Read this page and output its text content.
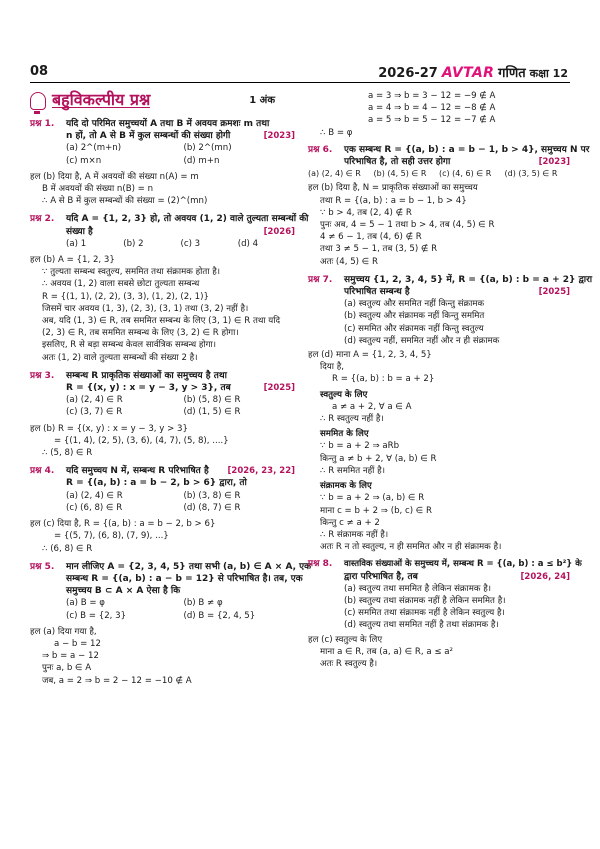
08	2026-27 AVTAR गणित कक्षा 12
बहुविकल्पीय प्रश्न	1 अंक
प्रश्न 1. यदि दो परिमित समुच्चयों A तथा B में अवयव क्रमशः m तथा
n हों, तो A से B में कुल सम्बन्धों की संख्या होगी	[2023]
(a) 2^(m+n)	(b) 2^(mn)
(c) m×n	(d) m+n
हल (b) दिया है, A में अवयवों की संख्या n(A) = m
B में अवयवों की संख्या n(B) = n
∴ A से B में कुल सम्बन्धों की संख्या = (2)^(mn)
प्रश्न 2. यदि A = {1, 2, 3} हो, तो अवयव (1, 2) वाले तुल्यता सम्बन्धों की
संख्या है	[2026]
(a) 1	(b) 2	(c) 3	(d) 4
हल (b) A = {1, 2, 3}
∵ तुल्यता सम्बन्ध स्वतुल्य, सममित तथा संक्रामक होता है।
∴ अवयव (1, 2) वाला सबसे छोटा तुल्यता सम्बन्ध
R = {(1, 1), (2, 2), (3, 3), (1, 2), (2, 1)}
जिसमें चार अवयव (1, 3), (2, 3), (3, 1) तथा (3, 2) नहीं है।
अब, यदि (1, 3) ∈ R, तब सममित सम्बन्ध के लिए (3, 1) ∈ R तथा यदि
(2, 3) ∈ R, तब सममित सम्बन्ध के लिए (3, 2) ∈ R होगा।
इसलिए, R से बड़ा सम्बन्ध केवल सार्वत्रिक सम्बन्ध होगा।
अतः (1, 2) वाले तुल्यता सम्बन्धों की संख्या 2 है।
प्रश्न 3. सम्बन्ध R प्राकृतिक संख्याओं का समुच्चय है तथा
R = {(x, y) : x = y − 3, y > 3}, तब	[2025]
(a) (2, 4) ∈ R	(b) (5, 8) ∈ R
(c) (3, 7) ∈ R	(d) (1, 5) ∈ R
हल (b) R = {(x, y) : x = y − 3, y > 3}
= {(1, 4), (2, 5), (3, 6), (4, 7), (5, 8), ....}
∴ (5, 8) ∈ R
प्रश्न 4. यदि समुच्चय N में, सम्बन्ध R परिभाषित है [2026, 23, 22]
R = {(a, b) : a = b − 2, b > 6} द्वारा, तो
(a) (2, 4) ∈ R	(b) (3, 8) ∈ R
(c) (6, 8) ∈ R	(d) (8, 7) ∈ R
हल (c) दिया है, R = {(a, b) : a = b − 2, b > 6}
= {(5, 7), (6, 8), (7, 9), ...}
∴ (6, 8) ∈ R
प्रश्न 5. मान लीजिए A = {2, 3, 4, 5} तथा सभी (a, b) ∈ A × A, एक
सम्बन्ध R = {(a, b) : a − b = 12} से परिभाषित है। तब, एक
समुच्चय B ⊂ A × A ऐसा है कि
(a) B = φ	(b) B ≠ φ
(c) B = {2, 3}	(d) B = {2, 4, 5}
हल (a) दिया गया है,
a − b = 12
⇒ b = a − 12
पुनः a, b ∈ A
जब, a = 2 ⇒ b = 2 − 12 = −10 ∉ A
a = 3 ⇒ b = 3 − 12 = −9 ∉ A
a = 4 ⇒ b = 4 − 12 = −8 ∉ A
a = 5 ⇒ b = 5 − 12 = −7 ∉ A
∴ B = φ
प्रश्न 6. एक सम्बन्ध R = {(a, b) : a = b − 1, b > 4}, समुच्चय N पर
परिभाषित है, तो सही उत्तर होगा	[2023]
(a) (2, 4) ∈ R	(b) (4, 5) ∈ R	(c) (4, 6) ∈ R	(d) (3, 5) ∈ R
हल (b) दिया है, N = प्राकृतिक संख्याओं का समुच्चय
तथा R = {(a, b) : a = b − 1, b > 4}
∵ b > 4, तब (2, 4) ∉ R
पुनः अब, 4 = 5 − 1 तथा b > 4, तब (4, 5) ∈ R
4 ≠ 6 − 1, तब (4, 6) ∉ R
तथा 3 ≠ 5 − 1, तब (3, 5) ∉ R
अतः (4, 5) ∈ R
प्रश्न 7. समुच्चय {1, 2, 3, 4, 5} में, R = {(a, b) : b = a + 2} द्वारा
परिभाषित सम्बन्ध है	[2025]
(a) स्वतुल्य और सममित नहीं किन्तु संक्रामक
(b) स्वतुल्य और संक्रामक नहीं किन्तु सममित
(c) सममित और संक्रामक नहीं किन्तु स्वतुल्य
(d) स्वतुल्य नहीं, सममित नहीं और न ही संक्रामक
हल (d) माना A = {1, 2, 3, 4, 5}
दिया है,
R = {(a, b) : b = a + 2}
स्वतुल्य के लिए
a ≠ a + 2, ∀ a ∈ A
∴ R स्वतुल्य नहीं है।
सममित के लिए
∵ b = a + 2 ⇒ aRb
किन्तु a ≠ b + 2, ∀ (a, b) ∈ R
∴ R सममित नहीं है।
संक्रामक के लिए
∵ b = a + 2 ⇒ (a, b) ∈ R
माना c = b + 2 ⇒ (b, c) ∈ R
किन्तु c ≠ a + 2
∴ R संक्रामक नहीं है।
अतः R न तो स्वतुल्य, न ही सममित और न ही संक्रामक है।
प्रश्न 8. वास्तविक संख्याओं के समुच्चय में, सम्बन्ध R = {(a, b) : a ≤ b²} के
द्वारा परिभाषित है, तब	[2026, 24]
(a) स्वतुल्य तथा सममित है लेकिन संक्रामक है।
(b) स्वतुल्य तथा संक्रामक नहीं है लेकिन सममित है।
(c) सममित तथा संक्रामक नहीं है लेकिन स्वतुल्य है।
(d) स्वतुल्य तथा सममित नहीं है तथा संक्रामक है।
हल (c) स्वतुल्य के लिए
माना a ∈ R, तब (a, a) ∈ R, a ≤ a²
अतः R स्वतुल्य है।
